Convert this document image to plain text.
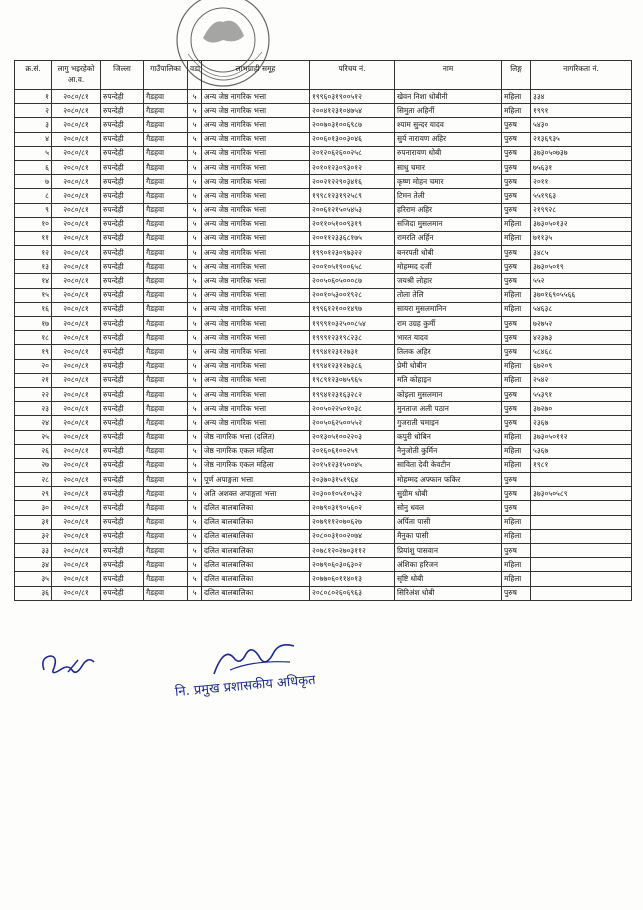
क्र.सं.	लागु भइरहेको आ.व.	जिल्ला	गाउँपालिका	वडा	लाभग्राही समूह	परिचय नं.	नाम	लिङ्ग	नागरिकता नं.
१	२०८०/८१	रुपन्देही	गैडहवा	५	अन्य जेष्ठ नागरिक भत्ता	१९९६०३१९००५१२	खेवन निशा धोबीनी	महिला	३३४
२	२०८०/८१	रुपन्देही	गैडहवा	५	अन्य जेष्ठ नागरिक भत्ता	२००४१२३१०४७५४	सिमुता अहिर्नी	महिला	१९९१
३	२०८०/८१	रुपन्देही	गैडहवा	५	अन्य जेष्ठ नागरिक भत्ता	२००७०३१००६९८७	श्याम सुन्दर यादव	पुरुष	५४३०
४	२०८०/८१	रुपन्देही	गैडहवा	५	अन्य जेष्ठ नागरिक भत्ता	२००६०१३००३०४६	सुर्य नारायण अहिर	पुरुष	२१३६९३५
५	२०८०/८१	रुपन्देही	गैडहवा	५	अन्य जेष्ठ नागरिक भत्ता	२०१२०६२६००२५८	रुपनारायण धोबी	पुरुष	३७३०५०७३७
६	२०८०/८१	रुपन्देही	गैडहवा	५	अन्य जेष्ठ नागरिक भत्ता	२०१०१२३०९३०१२	साधु चमार	पुरुष	७५६३१
७	२०८०/८१	रुपन्देही	गैडहवा	५	अन्य जेष्ठ नागरिक भत्ता	२००२१२२९०३४१६	कृष्ण मोहन चमार	पुरुष	२०११
८	२०८०/८१	रुपन्देही	गैडहवा	५	अन्य जेष्ठ नागरिक भत्ता	१९९८१२३१९२५८९	टिमन तेली	पुरुष	५५१९६३
९	२०८०/८१	रुपन्देही	गैडहवा	५	अन्य जेष्ठ नागरिक भत्ता	२००६१२१५०५४५३	हरिराम अहिर	पुरुष	२१९९२८
१०	२०८०/८१	रुपन्देही	गैडहवा	५	अन्य जेष्ठ नागरिक भत्ता	२०११०५१००९३१९	सजिदा मुसलमान	महिला	३७३०५०१३२
११	२०८०/८१	रुपन्देही	गैडहवा	५	अन्य जेष्ठ नागरिक भत्ता	२००११२३३६८१७५	रामरति अर्हिन	महिला	७११३५
१२	२०८०/८१	रुपन्देही	गैडहवा	५	अन्य जेष्ठ नागरिक भत्ता	१९९०१२३०९७३२२	बनरपती धोबी	पुरुष	३४८५
१३	२०८०/८१	रुपन्देही	गैडहवा	५	अन्य जेष्ठ नागरिक भत्ता	२००१०५१९००६५८	मोहम्मद दर्जी	पुरुष	३७३०५०१९
१४	२०८०/८१	रुपन्देही	गैडहवा	५	अन्य जेष्ठ नागरिक भत्ता	२००५०६०५०००८७	जयश्री लोहार	पुरुष	५५२
१५	२०८०/८१	रुपन्देही	गैडहवा	५	अन्य जेष्ठ नागरिक भत्ता	२००१०५३००१९२८	तोला तेलि	महिला	३७०१६९०५५६६
१६	२०८०/८१	रुपन्देही	गैडहवा	५	अन्य जेष्ठ नागरिक भत्ता	१९९६१२१००१४९७	सायरा मुसलमानिन	महिला	५४६३८
१७	२०८०/८१	रुपन्देही	गैडहवा	५	अन्य जेष्ठ नागरिक भत्ता	१९९९१०३२५००८५४	राम उग्रह कुर्मी	पुरुष	७२७५२
१८	२०८०/८१	रुपन्देही	गैडहवा	५	अन्य जेष्ठ नागरिक भत्ता	१९९९१२३१९८२३८	भारत यादव	पुरुष	४२३७३
१९	२०८०/८१	रुपन्देही	गैडहवा	५	अन्य जेष्ठ नागरिक भत्ता	१९९४१२३१२७३१	तिलक अहिर	पुरुष	५८४६८
२०	२०८०/८१	रुपन्देही	गैडहवा	५	अन्य जेष्ठ नागरिक भत्ता	१९९४१२३१२७३८६	प्रेमी धोबीन	महिला	६७२०९
२१	२०८०/८१	रुपन्देही	गैडहवा	५	अन्य जेष्ठ नागरिक भत्ता	१९८९१२३०७५९६५	मति कोहाइन	महिला	२५४२
२२	२०८०/८१	रुपन्देही	गैडहवा	५	अन्य जेष्ठ नागरिक भत्ता	१९९४१२३१६३२८२	कोइला मुसलमान	पुरुष	५५३९१
२३	२०८०/८१	रुपन्देही	गैडहवा	५	अन्य जेष्ठ नागरिक भत्ता	२००५०२२५०१०३८	मुनताज अली पठान	पुरुष	३७२७०
२४	२०८०/८१	रुपन्देही	गैडहवा	५	अन्य जेष्ठ नागरिक भत्ता	२००५०६२५००५५२	गुजराती चमाइन	पुरुष	२३६७
२५	२०८०/८१	रुपन्देही	गैडहवा	५	जेष्ठ नागरिक भत्ता (दलित)	२०१३०५१००२२०३	कपुरी धोबिन	महिला	३७३०५०११२
२६	२०८०/८१	रुपन्देही	गैडहवा	५	जेष्ठ नागरिक एकल महिला	२०१६०६१००२५९	नैनुजोती कुर्मिन	महिला	५३६७
२७	२०८०/८१	रुपन्देही	गैडहवा	५	जेष्ठ नागरिक एकल महिला	२०१५१२३१५००४५	साविता देवी केवटीन	महिला	१९८१
२८	२०८०/८१	रुपन्देही	गैडहवा	५	पूर्ण अपाङ्गता भत्ता	२०३७०३१५१९६४	मोहम्मद अफ्फान फकिर	पुरुष	
२९	२०८०/८१	रुपन्देही	गैडहवा	५	अति अशक्त अपाङ्गता भत्ता	२०३००१०५१०५३२	सुग्रीम धोबी	पुरुष	३७३०५०५८९
३०	२०८०/८१	रुपन्देही	गैडहवा	५	दलित बालबालिका	२०७९०३१९०५६०२	सोनु धवल	पुरुष	
३१	२०८०/८१	रुपन्देही	गैडहवा	५	दलित बालबालिका	२०७९११२०७०६२७	अर्पिता पासी	महिला	
३२	२०८०/८१	रुपन्देही	गैडहवा	५	दलित बालबालिका	२०८००३१००२०७४	मैनुका पासी	महिला	
३३	२०८०/८१	रुपन्देही	गैडहवा	५	दलित बालबालिका	२०७८१२०२७०३११२	प्रियांशु पासवान	पुरुष	
३४	२०८०/८१	रुपन्देही	गैडहवा	५	दलित बालबालिका	२०७९०६०३०६३०२	अंशिका हरिजन	महिला	
३५	२०८०/८१	रुपन्देही	गैडहवा	५	दलित बालबालिका	२०७७०६०११४०१३	सृष्टि धोबी	महिला	
३६	२०८०/८१	रुपन्देही	गैडहवा	५	दलित बालबालिका	२०८०८०२६०६९६३	सिरिअंश धोबी	पुरुष	
नि. प्रमुख प्रशासकीय अधिकृत
